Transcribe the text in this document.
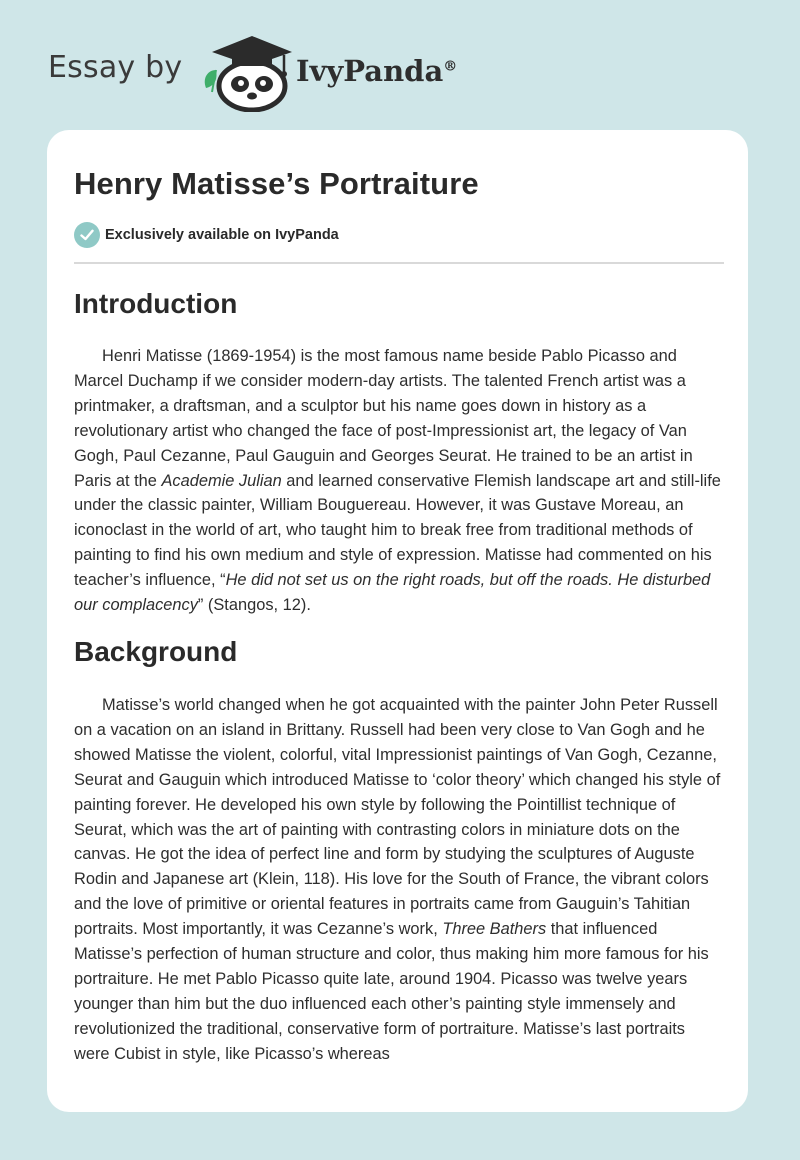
Essay by	IvyPanda®
Henry Matisse’s Portraiture
Exclusively available on IvyPanda
Introduction

Henri Matisse (1869-1954) is the most famous name beside Pablo Picasso and Marcel Duchamp if we consider modern-day artists. The talented French artist was a printmaker, a draftsman, and a sculptor but his name goes down in history as a revolutionary artist who changed the face of post-Impressionist art, the legacy of Van Gogh, Paul Cezanne, Paul Gauguin and Georges Seurat. He trained to be an artist in Paris at the Academie Julian and learned conservative Flemish landscape art and still-life under the classic painter, William Bouguereau. However, it was Gustave Moreau, an iconoclast in the world of art, who taught him to break free from traditional methods of painting to find his own medium and style of expression. Matisse had commented on his teacher’s influence, “He did not set us on the right roads, but off the roads. He disturbed our complacency” (Stangos, 12).

Background

Matisse’s world changed when he got acquainted with the painter John Peter Russell on a vacation on an island in Brittany. Russell had been very close to Van Gogh and he showed Matisse the violent, colorful, vital Impressionist paintings of Van Gogh, Cezanne, Seurat and Gauguin which introduced Matisse to ‘color theory’ which changed his style of painting forever. He developed his own style by following the Pointillist technique of Seurat, which was the art of painting with contrasting colors in miniature dots on the canvas. He got the idea of perfect line and form by studying the sculptures of Auguste Rodin and Japanese art (Klein, 118). His love for the South of France, the vibrant colors and the love of primitive or oriental features in portraits came from Gauguin’s Tahitian portraits. Most importantly, it was Cezanne’s work, Three Bathers that influenced Matisse’s perfection of human structure and color, thus making him more famous for his portraiture. He met Pablo Picasso quite late, around 1904. Picasso was twelve years younger than him but the duo influenced each other’s painting style immensely and revolutionized the traditional, conservative form of portraiture. Matisse’s last portraits were Cubist in style, like Picasso’s whereas
